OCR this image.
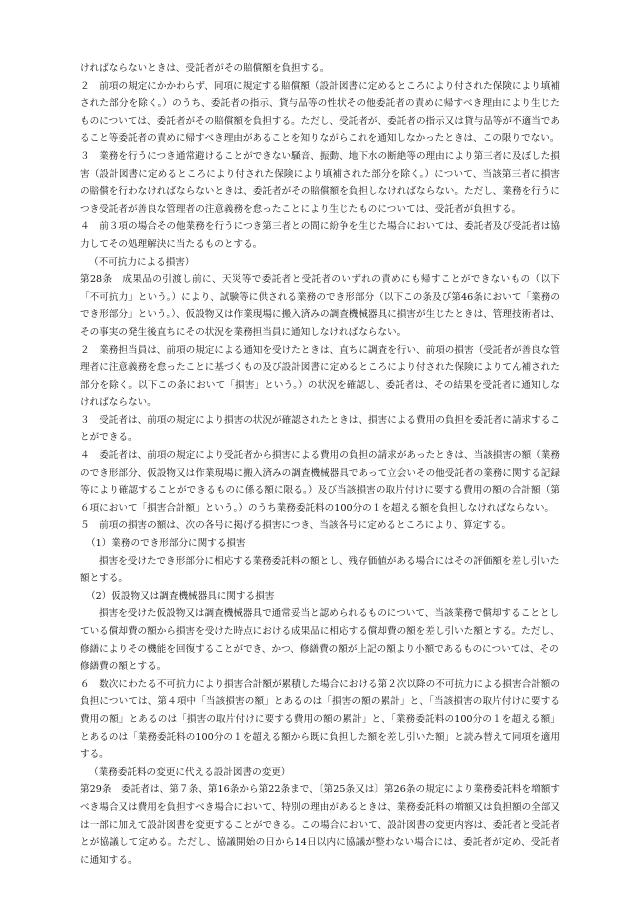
ければならないときは、受託者がその賠償額を負担する。

２　前項の規定にかかわらず、同項に規定する賠償額（設計図書に定めるところにより付された保険により填補された部分を除く。）のうち、委託者の指示、貸与品等の性状その他委託者の責めに帰すべき理由により生じたものについては、委託者がその賠償額を負担する。ただし、受託者が、委託者の指示又は貸与品等が不適当であること等委託者の責めに帰すべき理由があることを知りながらこれを通知しなかったときは、この限りでない。

３　業務を行うにつき通常避けることができない騒音、振動、地下水の断絶等の理由により第三者に及ぼした損害（設計図書に定めるところにより付された保険により填補された部分を除く。）について、当該第三者に損害の賠償を行わなければならないときは、委託者がその賠償額を負担しなければならない。ただし、業務を行うにつき受託者が善良な管理者の注意義務を怠ったことにより生じたものについては、受託者が負担する。

４　前３項の場合その他業務を行うにつき第三者との間に紛争を生じた場合においては、委託者及び受託者は協力してその処理解決に当たるものとする。

（不可抗力による損害）

第28条　成果品の引渡し前に、天災等で委託者と受託者のいずれの責めにも帰すことができないもの（以下「不可抗力」という。）により、試験等に供される業務のでき形部分（以下この条及び第46条において「業務のでき形部分」という。）、仮設物又は作業現場に搬入済みの調査機械器具に損害が生じたときは、管理技術者は、その事実の発生後直ちにその状況を業務担当員に通知しなければならない。

２　業務担当員は、前項の規定による通知を受けたときは、直ちに調査を行い、前項の損害（受託者が善良な管理者に注意義務を怠ったことに基づくもの及び設計図書に定めるところにより付された保険によりてん補された部分を除く。以下この条において「損害」という。）の状況を確認し、委託者は、その結果を受託者に通知しなければならない。

３　受託者は、前項の規定により損害の状況が確認されたときは、損害による費用の負担を委託者に請求することができる。

４　委託者は、前項の規定により受託者から損害による費用の負担の請求があったときは、当該損害の額（業務のでき形部分、仮設物又は作業現場に搬入済みの調査機械器具であって立会いその他受託者の業務に関する記録等により確認することができるものに係る額に限る。）及び当該損害の取片付けに要する費用の額の合計額（第６項において「損害合計額」という。）のうち業務委託料の100分の１を超える額を負担しなければならない。

５　前項の損害の額は、次の各号に掲げる損害につき、当該各号に定めるところにより、算定する。

（1）業務のでき形部分に関する損害

損害を受けたでき形部分に相応する業務委託料の額とし、残存価値がある場合にはその評価額を差し引いた額とする。

（2）仮設物又は調査機械器具に関する損害

損害を受けた仮設物又は調査機械器具で通常妥当と認められるものについて、当該業務で償却することとしている償却費の額から損害を受けた時点における成果品に相応する償却費の額を差し引いた額とする。ただし、修繕によりその機能を回復することができ、かつ、修繕費の額が上記の額より小額であるものについては、その修繕費の額とする。

６　数次にわたる不可抗力により損害合計額が累積した場合における第２次以降の不可抗力による損害合計額の負担については、第４項中「当該損害の額」とあるのは「損害の額の累計」と、「当該損害の取片付けに要する費用の額」とあるのは「損害の取片付けに要する費用の額の累計」と、「業務委託料の100分の１を超える額」とあるのは「業務委託料の100分の１を超える額から既に負担した額を差し引いた額」と読み替えて同項を適用する。

（業務委託料の変更に代える設計図書の変更）

第29条　委託者は、第７条、第16条から第22条まで、〔第25条又は〕第26条の規定により業務委託料を増額すべき場合又は費用を負担すべき場合において、特別の理由があるときは、業務委託料の増額又は負担額の全部又は一部に加えて設計図書を変更することができる。この場合において、設計図書の変更内容は、委託者と受託者とが協議して定める。ただし、協議開始の日から14日以内に協議が整わない場合には、委託者が定め、受託者に通知する。
